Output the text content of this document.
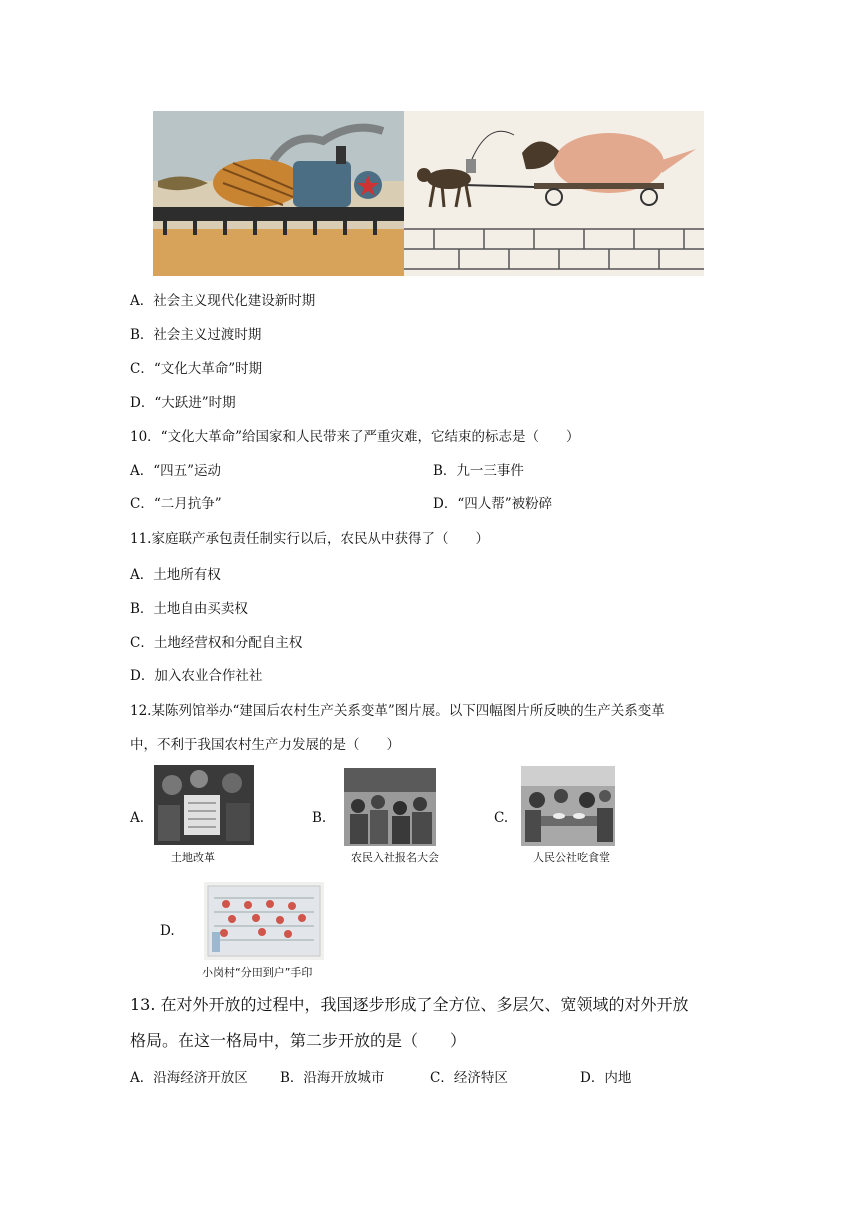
A．社会主义现代化建设新时期
B．社会主义过渡时期
C．“文化大革命”时期
D．“大跃进”时期
10．“文化大革命”给国家和人民带来了严重灾难，它结束的标志是（　　）
A．“四五”运动	B．九一三事件
C．“二月抗争”	D．“四人帮”被粉碎
11.家庭联产承包责任制实行以后，农民从中获得了（　　）
A．土地所有权
B．土地自由买卖权
C．土地经营权和分配自主权
D．加入农业合作社社
12.某陈列馆举办“建国后农村生产关系变革”图片展。以下四幅图片所反映的生产关系变革
中，不利于我国农村生产力发展的是（　　）
A.
土地改革
B.
农民入社报名大会
C.
人民公社吃食堂
D.
小岗村“分田到户”手印
13. 在对外开放的过程中，我国逐步形成了全方位、多层欠、宽领域的对外开放
格局。在这一格局中，第二步开放的是（　　）
A．沿海经济开放区 B．沿海开放城市	C．经济特区	D．内地
